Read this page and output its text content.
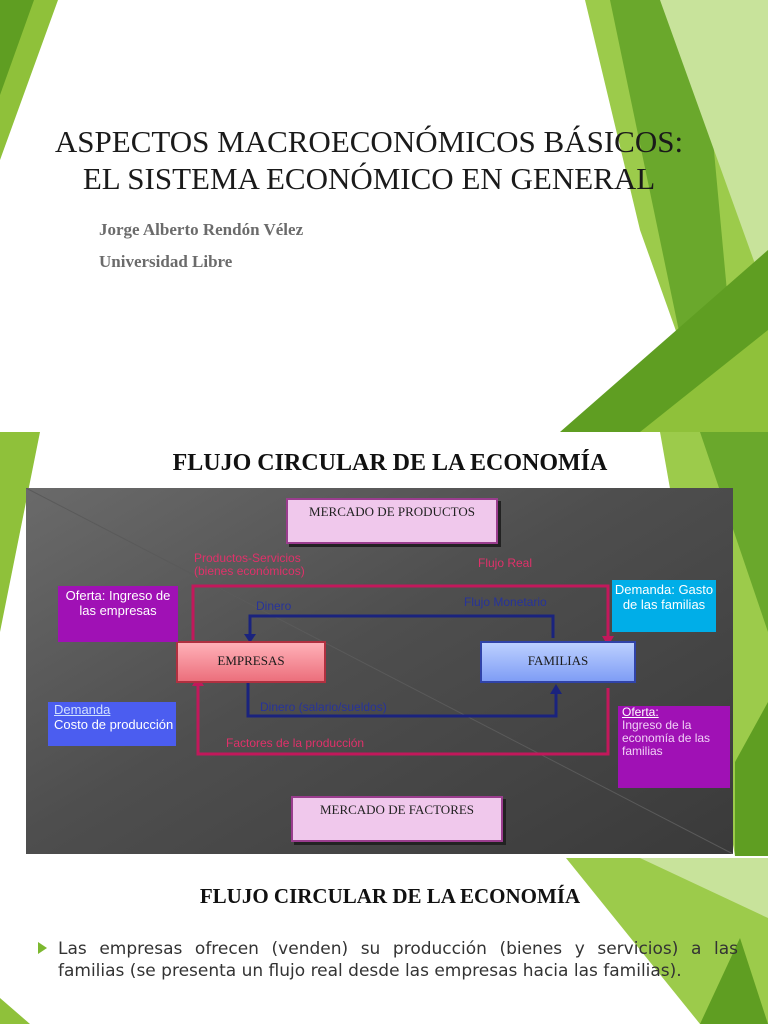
ASPECTOS MACROECONÓMICOS BÁSICOS:
EL SISTEMA ECONÓMICO EN GENERAL
Jorge Alberto Rendón Vélez
Universidad Libre
FLUJO CIRCULAR DE LA ECONOMÍA
MERCADO DE PRODUCTOS
MERCADO DE FACTORES
EMPRESAS	FAMILIAS
Productos-Servicios
(bienes económicos)
Flujo Real
Dinero	Flujo Monetario
Dinero (salario/sueldos)
Factores de la producción
Oferta: Ingreso de las empresas
Demanda: Gasto de las familias
Demanda
Costo de producción
Oferta:
Ingreso de la economía de las familias
FLUJO CIRCULAR DE LA ECONOMÍA
Las empresas ofrecen (venden) su producción (bienes y servicios) a las familias (se presenta un flujo real desde las empresas hacia las familias).
